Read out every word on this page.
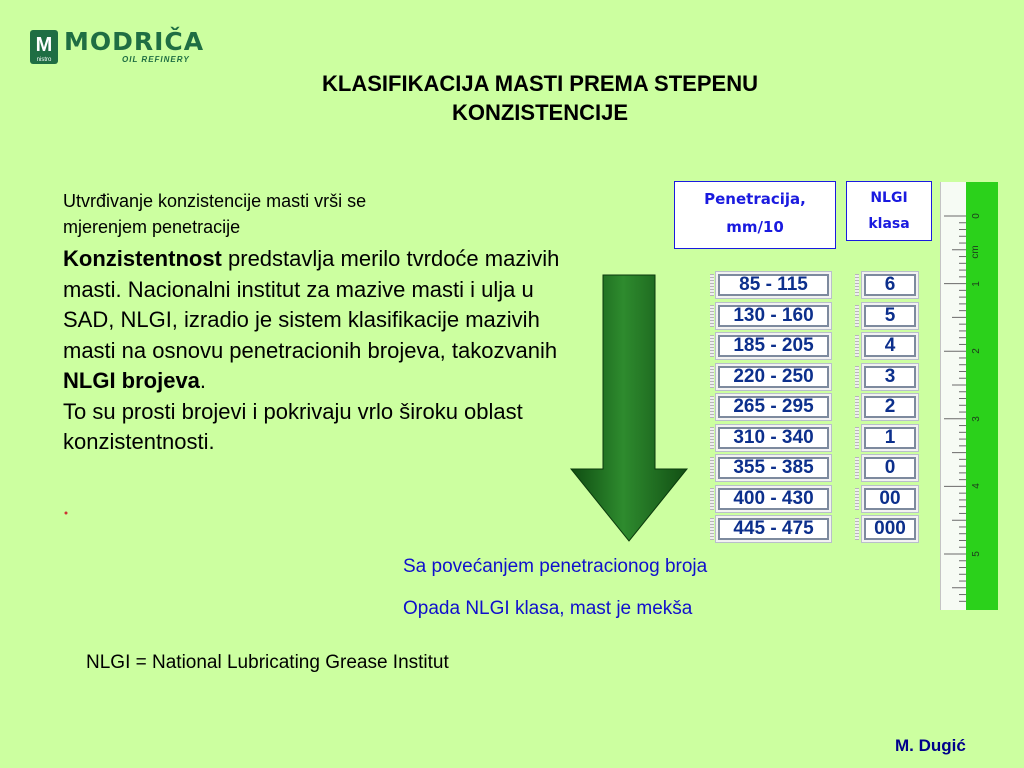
M
nistro
MODRIČA
OIL REFINERY
KLASIFIKACIJA MASTI PREMA STEPENU
KONZISTENCIJE
Utvrđivanje konzistencije masti vrši se
mjerenjem penetracije
Konzistentnost predstavlja merilo tvrdoće mazivih masti. Nacionalni institut za mazive masti i ulja u SAD, NLGI, izradio je sistem klasifikacije mazivih masti na osnovu penetracionih brojeva, takozvanih NLGI brojeva.
To su prosti brojevi i pokrivaju vrlo široku oblast konzistentnosti.
Penetracija,
mm/10
NLGI
klasa
85 - 115	6
130 - 160	5
185 - 205	4
220 - 250	3
265 - 295	2
310 - 340	1
355 - 385	0
400 - 430	00
445 - 475	000
cm
0
1
2
3
4
5
Sa povećanjem penetracionog broja
Opada NLGI klasa, mast je mekša
NLGI = National Lubricating Grease Institut
M. Dugić
